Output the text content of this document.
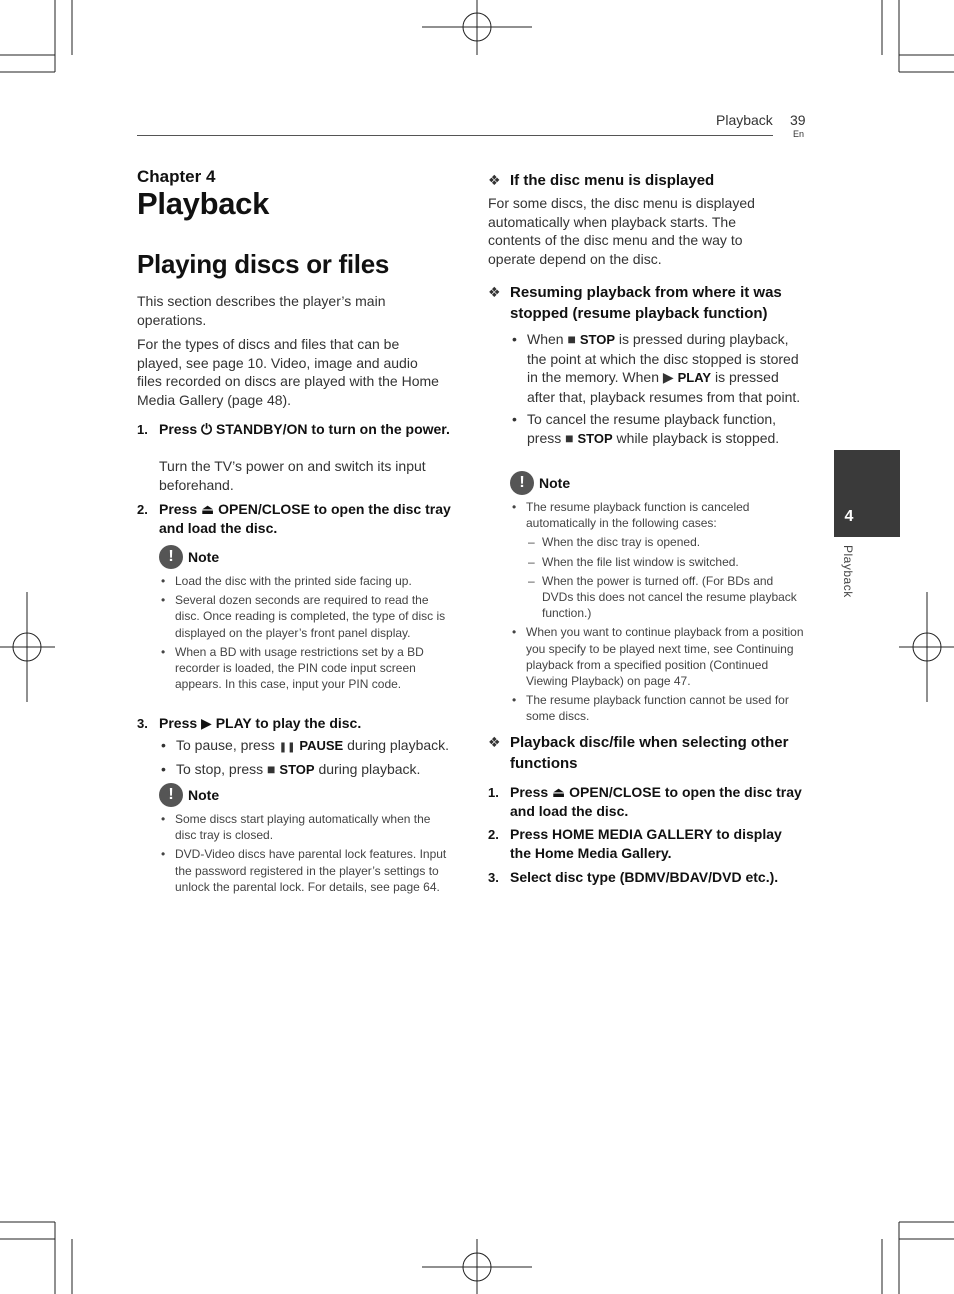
Playback 39
En
Chapter 4
Playback
Playing discs or files
This section describes the player’s main operations.
For the types of discs and files that can be played, see page 10. Video, image and audio files recorded on discs are played with the Home Media Gallery (page 48).
1. Press ⏻ STANDBY/ON to turn on the power.
Turn the TV’s power on and switch its input beforehand.
2. Press ⏏ OPEN/CLOSE to open the disc tray and load the disc.
!	Note
• Load the disc with the printed side facing up.
• Several dozen seconds are required to read the disc. Once reading is completed, the type of disc is displayed on the player’s front panel display.
• When a BD with usage restrictions set by a BD recorder is loaded, the PIN code input screen appears. In this case, input your PIN code.
3. Press ▶ PLAY to play the disc.
• To pause, press ❚❚ PAUSE during playback.
• To stop, press ■ STOP during playback.
!	Note
• Some discs start playing automatically when the disc tray is closed.
• DVD-Video discs have parental lock features. Input the password registered in the player’s settings to unlock the parental lock. For details, see page 64.
❖ If the disc menu is displayed
For some discs, the disc menu is displayed automatically when playback starts. The contents of the disc menu and the way to operate depend on the disc.
❖ Resuming playback from where it was stopped (resume playback function)
• When ■ STOP is pressed during playback, the point at which the disc stopped is stored in the memory. When ▶ PLAY is pressed after that, playback resumes from that point.
• To cancel the resume playback function, press ■ STOP while playback is stopped.
!	Note
• The resume playback function is canceled automatically in the following cases:
– When the disc tray is opened.
– When the file list window is switched.
– When the power is turned off. (For BDs and DVDs this does not cancel the resume playback function.)
• When you want to continue playback from a position you specify to be played next time, see Continuing playback from a specified position (Continued Viewing Playback) on page 47.
• The resume playback function cannot be used for some discs.
❖ Playback disc/file when selecting other functions
1. Press ⏏ OPEN/CLOSE to open the disc tray and load the disc.
2. Press HOME MEDIA GALLERY to display the Home Media Gallery.
3. Select disc type (BDMV/BDAV/DVD etc.).
4
Playback
